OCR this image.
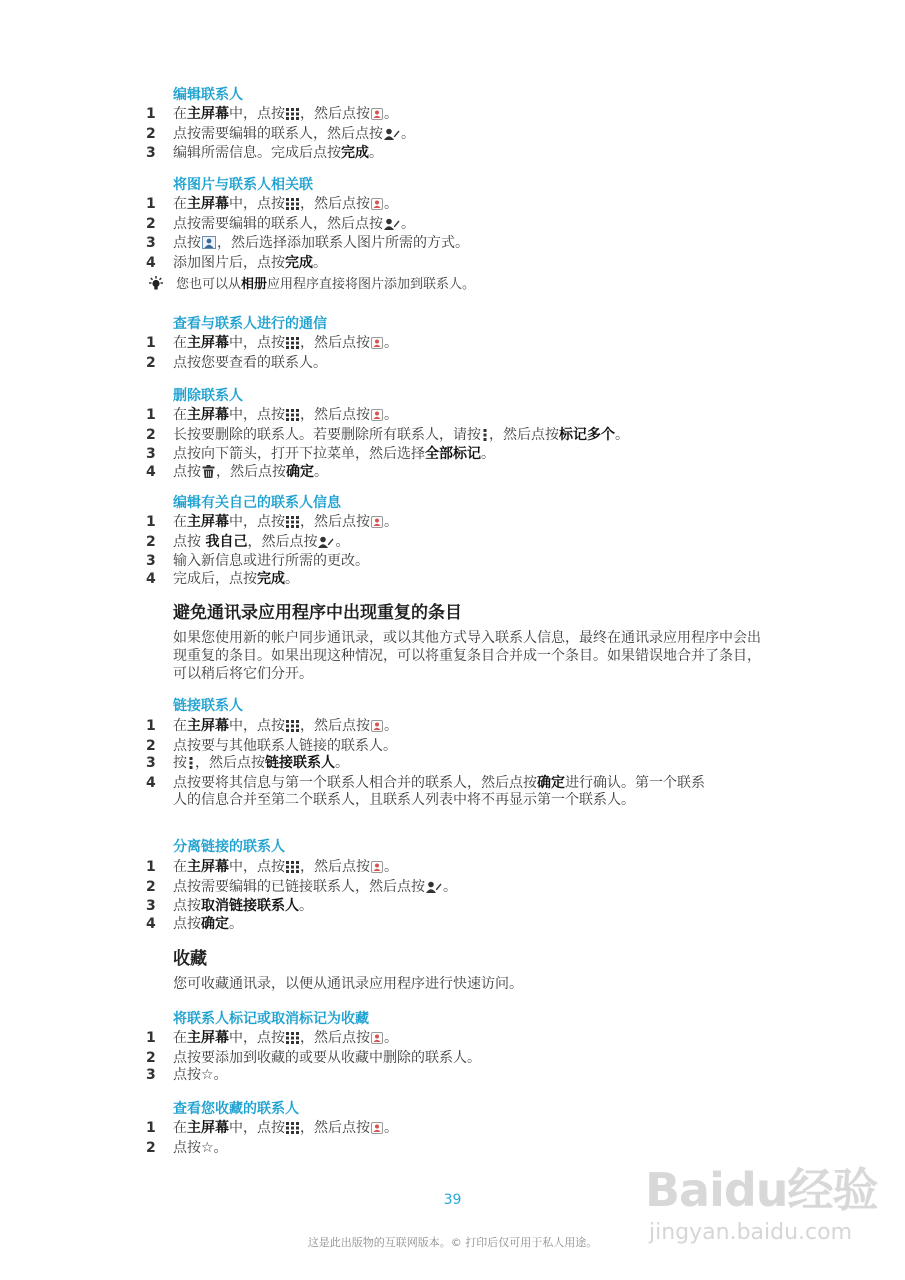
编辑联系人
1	在主屏幕中，点按 ，然后点按 。
2	点按需要编辑的联系人，然后点按 。
3	编辑所需信息。完成后点按完成。
将图片与联系人相关联
1	在主屏幕中，点按 ，然后点按 。
2	点按需要编辑的联系人，然后点按 。
3	点按 ，然后选择添加联系人图片所需的方式。
4	添加图片后，点按完成。
您也可以从相册应用程序直接将图片添加到联系人。
查看与联系人进行的通信
1	在主屏幕中，点按 ，然后点按 。
2	点按您要查看的联系人。
删除联系人
1	在主屏幕中，点按 ，然后点按 。
2	长按要删除的联系人。若要删除所有联系人，请按 ，然后点按标记多个。
3	点按向下箭头，打开下拉菜单，然后选择全部标记。
4	点按 ，然后点按确定。
编辑有关自己的联系人信息
1	在主屏幕中，点按 ，然后点按 。
2	点按 我自己，然后点按 。
3	输入新信息或进行所需的更改。
4	完成后，点按完成。
避免通讯录应用程序中出现重复的条目

如果您使用新的帐户同步通讯录，或以其他方式导入联系人信息，最终在通讯录应用程序中会出现重复的条目。如果出现这种情况，可以将重复条目合并成一个条目。如果错误地合并了条目，可以稍后将它们分开。

链接联系人
1	在主屏幕中，点按 ，然后点按 。
2	点按要与其他联系人链接的联系人。
3	按 ，然后点按链接联系人。
4	点按要将其信息与第一个联系人相合并的联系人，然后点按确定进行确认。第一个联系人的信息合并至第二个联系人，且联系人列表中将不再显示第一个联系人。
分离链接的联系人
1	在主屏幕中，点按 ，然后点按 。
2	点按需要编辑的已链接联系人，然后点按 。
3	点按取消链接联系人。
4	点按确定。
收藏

您可收藏通讯录，以便从通讯录应用程序进行快速访问。

将联系人标记或取消标记为收藏
1	在主屏幕中，点按 ，然后点按 。
2	点按要添加到收藏的或要从收藏中删除的联系人。
3	点按☆。
查看您收藏的联系人
1	在主屏幕中，点按 ，然后点按 。
2	点按☆。
Baidu经验
jingyan.baidu.com
39
这是此出版物的互联网版本。© 打印后仅可用于私人用途。
